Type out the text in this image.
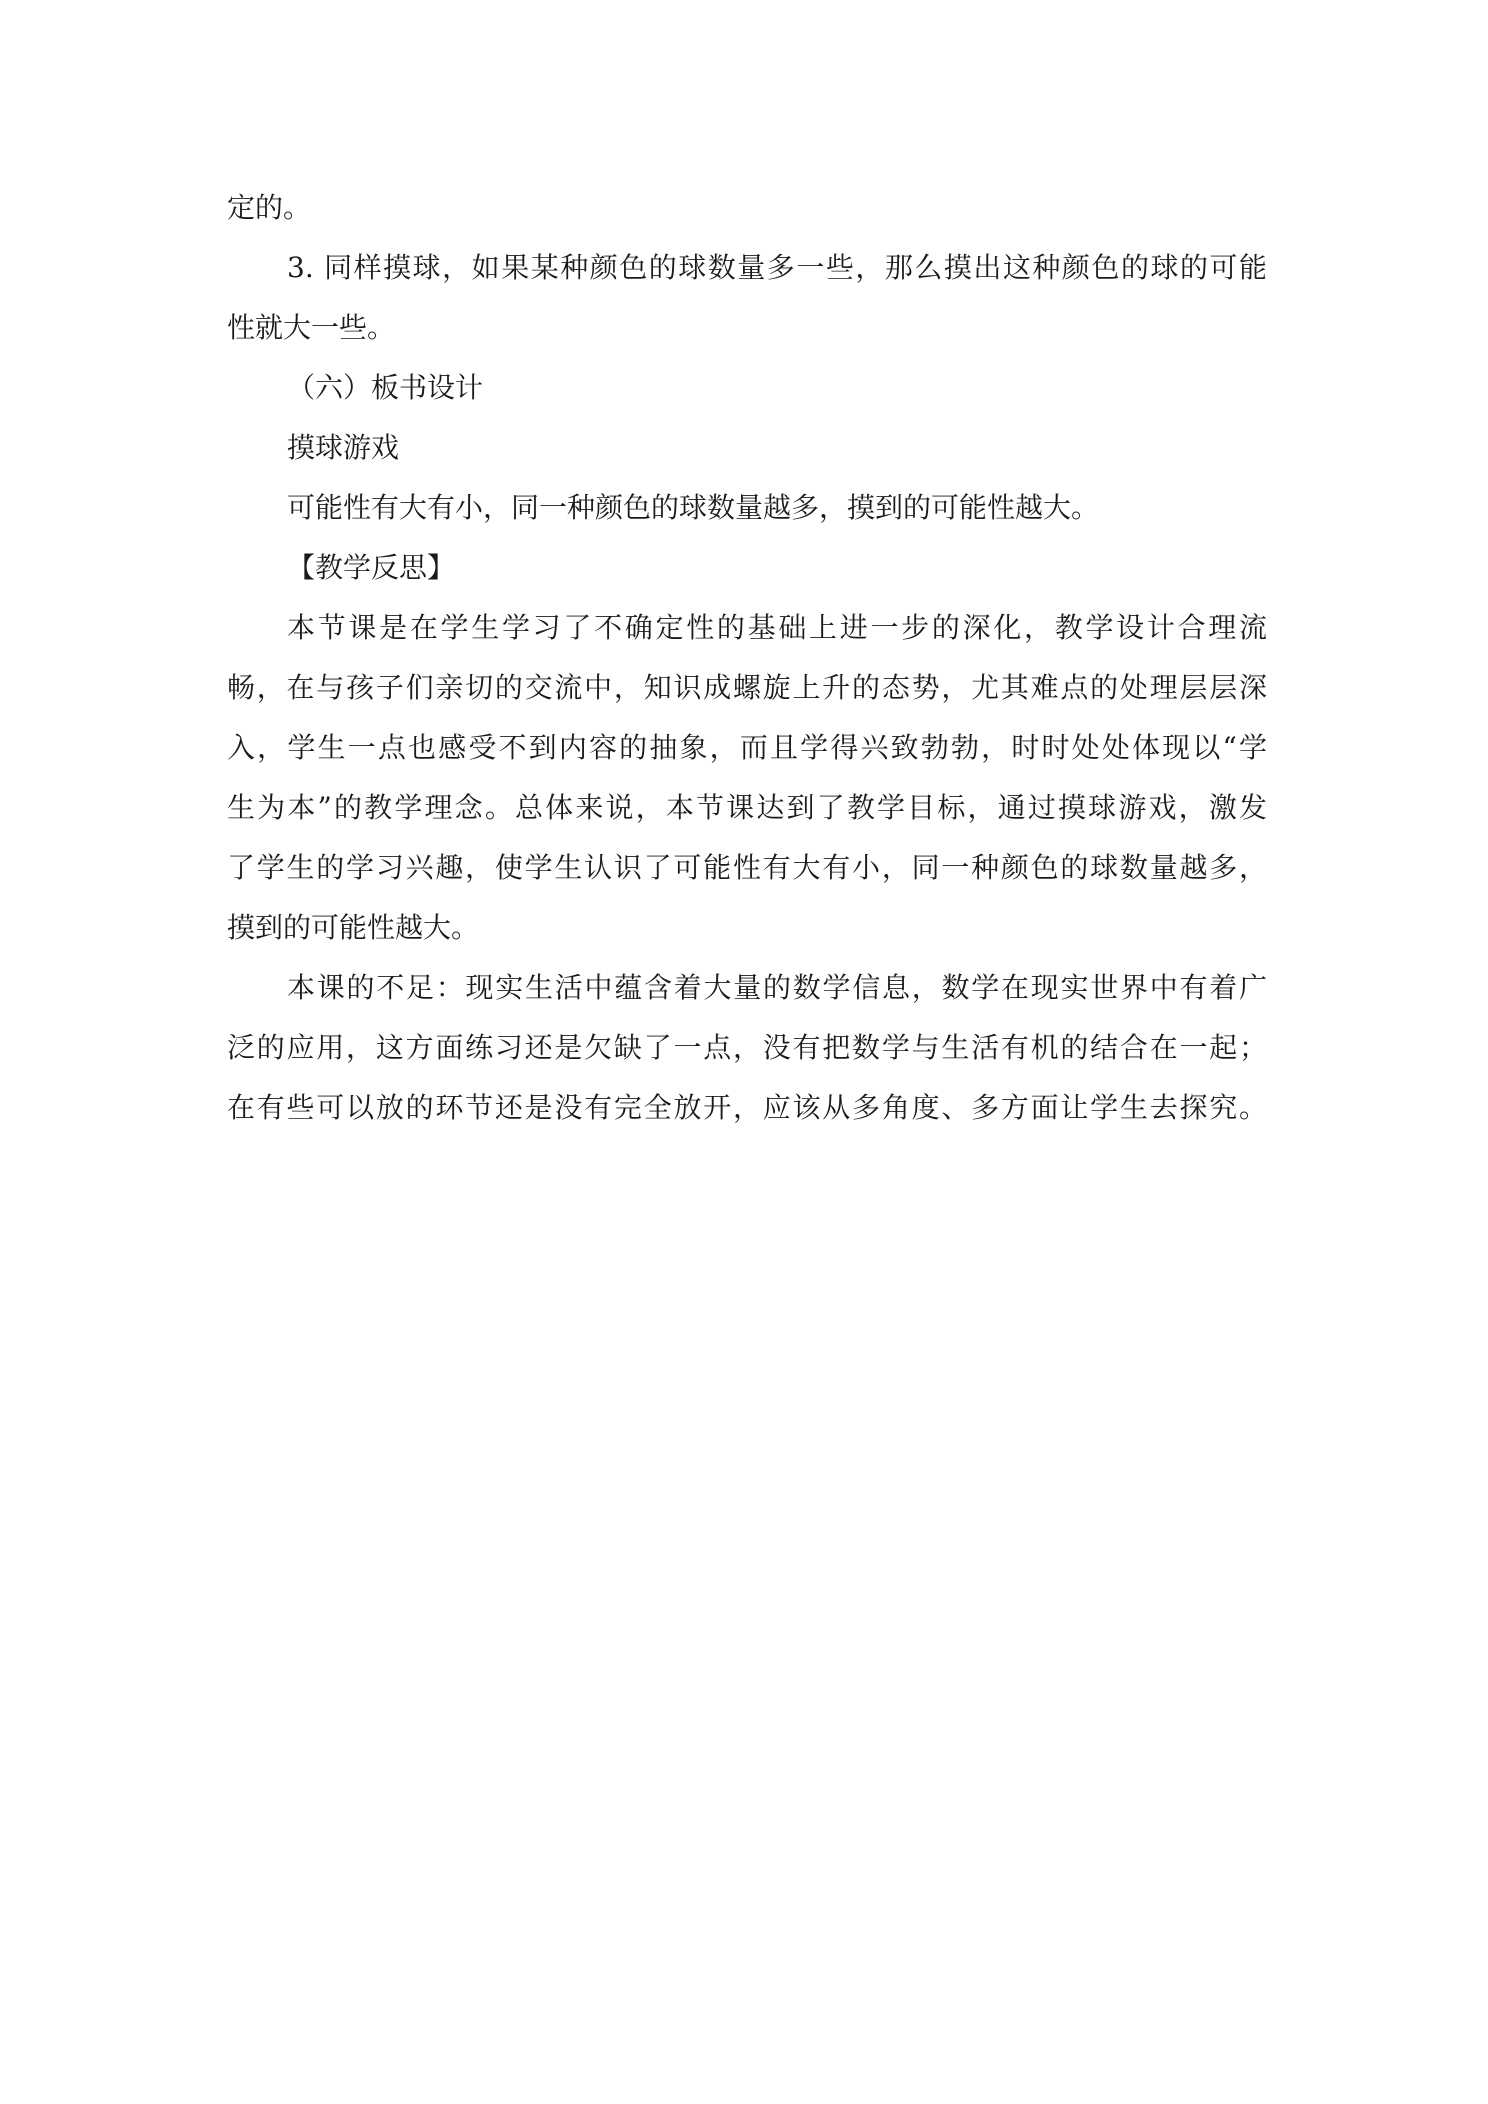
定的。
3. 同样摸球，如果某种颜色的球数量多一些，那么摸出这种颜色的球的可能
性就大一些。
（六）板书设计
摸球游戏
可能性有大有小，同一种颜色的球数量越多，摸到的可能性越大。
【教学反思】
本节课是在学生学习了不确定性的基础上进一步的深化，教学设计合理流
畅，在与孩子们亲切的交流中，知识成螺旋上升的态势，尤其难点的处理层层深
入，学生一点也感受不到内容的抽象，而且学得兴致勃勃，时时处处体现以“学
生为本”的教学理念。总体来说，本节课达到了教学目标，通过摸球游戏，激发
了学生的学习兴趣，使学生认识了可能性有大有小，同一种颜色的球数量越多，
摸到的可能性越大。
本课的不足：现实生活中蕴含着大量的数学信息，数学在现实世界中有着广
泛的应用，这方面练习还是欠缺了一点，没有把数学与生活有机的结合在一起；
在有些可以放的环节还是没有完全放开，应该从多角度、多方面让学生去探究。
